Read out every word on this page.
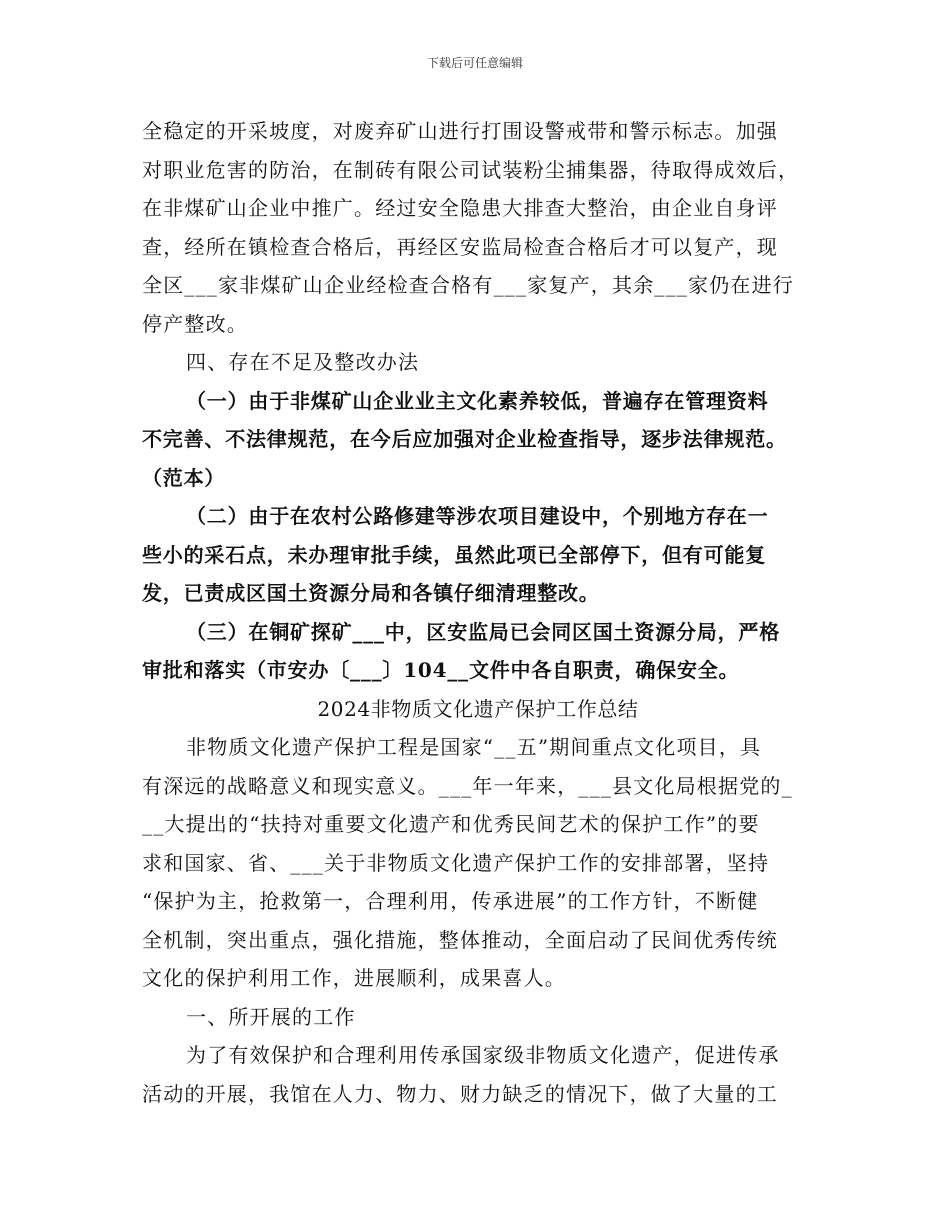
下载后可任意编辑
全稳定的开采坡度，对废弃矿山进行打围设警戒带和警示标志。加强
对职业危害的防治，在制砖有限公司试装粉尘捕集器，待取得成效后，
在非煤矿山企业中推广。经过安全隐患大排查大整治，由企业自身评
查，经所在镇检查合格后，再经区安监局检查合格后才可以复产，现
全区___家非煤矿山企业经检查合格有___家复产，其余___家仍在进行
停产整改。
四、存在不足及整改办法
（一）由于非煤矿山企业业主文化素养较低，普遍存在管理资料
不完善、不法律规范，在今后应加强对企业检查指导，逐步法律规范。
（范本）
（二）由于在农村公路修建等涉农项目建设中，个别地方存在一
些小的采石点，未办理审批手续，虽然此项已全部停下，但有可能复
发，已责成区国土资源分局和各镇仔细清理整改。
（三）在铜矿探矿___中，区安监局已会同区国土资源分局，严格
审批和落实（市安办〔___〕104__文件中各自职责，确保安全。
2024非物质文化遗产保护工作总结
非物质文化遗产保护工程是国家“__五”期间重点文化项目，具
有深远的战略意义和现实意义。___年一年来，___县文化局根据党的_
__大提出的“扶持对重要文化遗产和优秀民间艺术的保护工作”的要
求和国家、省、___关于非物质文化遗产保护工作的安排部署，坚持
“保护为主，抢救第一，合理利用，传承进展”的工作方针，不断健
全机制，突出重点，强化措施，整体推动，全面启动了民间优秀传统
文化的保护利用工作，进展顺利，成果喜人。
一、所开展的工作
为了有效保护和合理利用传承国家级非物质文化遗产，促进传承
活动的开展，我馆在人力、物力、财力缺乏的情况下，做了大量的工
